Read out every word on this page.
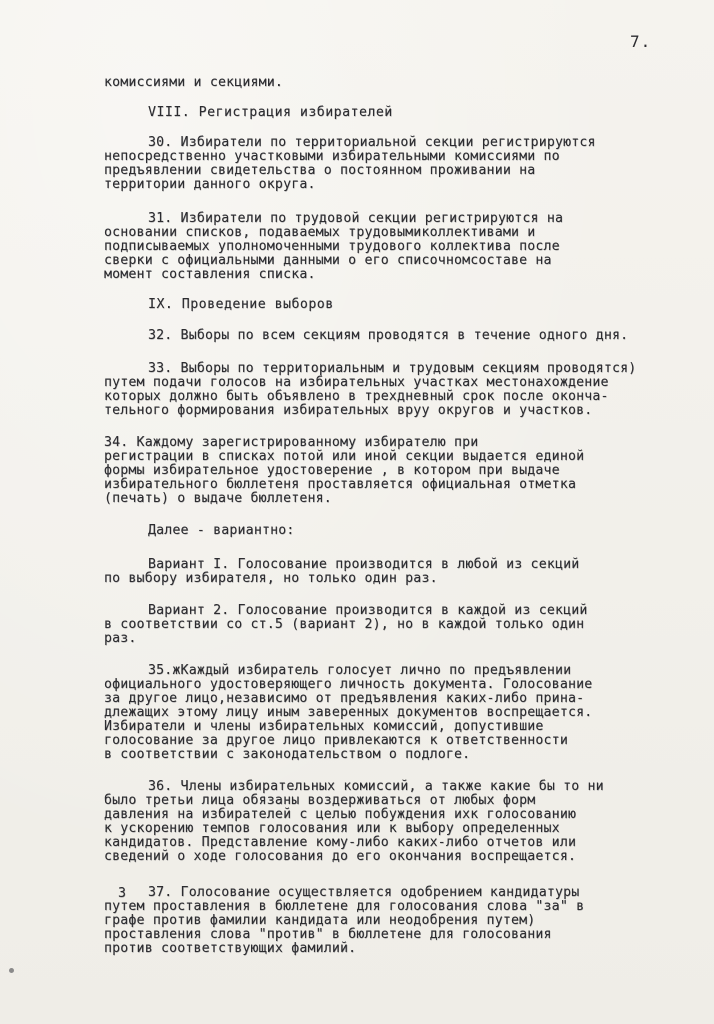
7.
комиссиями и секциями.
VIII. Регистрация избирателей
30. Избиратели по территориальной секции регистрируются
непосредственно участковыми избирательными комиссиями по
предъявлении свидетельства о постоянном проживании на
территории данного округа.
31. Избиратели по трудовой секции регистрируются на
основании списков, подаваемых трудовымиколлективами и
подписываемых уполномоченными трудового коллектива после
сверки с официальными данными о его списочномсоставе на
момент составления списка.
IX. Проведение выборов
32. Выборы по всем секциям проводятся в течение одного дня.
33. Выборы по территориальным и трудовым секциям проводятся)
путем подачи голосов на избирательных участках местонахождение
которых должно быть объявлено в трехдневный срок после оконча-
тельного формирования избирательных вруу округов и участков.
34. Каждому зарегистрированному избирателю при
регистрации в списках потой или иной секции выдается единой
формы избирательное удостоверение , в котором при выдаче
избирательного бюллетеня проставляется официальная отметка
(печать) о выдаче бюллетеня.
Далее - вариантно:
Вариант I. Голосование производится в любой из секций
по выбору избирателя, но только один раз.
Вариант 2. Голосование производится в каждой из секций
в соответствии со ст.5 (вариант 2), но в каждой только один
раз.
35.жКаждый избиратель голосует лично по предъявлении
официального удостоверяющего личность документа. Голосование
за другое лицо,независимо от предъявления каких-либо прина-
длежащих этому лицу иным заверенных документов воспрещается.
Избиратели и члены избирательных комиссий, допустившие
голосование за другое лицо привлекаются к ответственности
в соответствии с законодательством о подлоге.
36. Члены избирательных комиссий, а также какие бы то ни
было третьи лица обязаны воздерживаться от любых форм
давления на избирателей с целью побуждения ихк голосованию
к ускорению темпов голосования или к выбору определенных
кандидатов. Представление кому-либо каких-либо отчетов или
сведений о ходе голосования до его окончания воспрещается.
3 37. Голосование осуществляется одобрением кандидатуры
путем проставления в бюллетене для голосования слова "за" в
графе против фамилии кандидата или неодобрения путем)
проставления слова "против" в бюллетене для голосования
против соответствующих фамилий.
